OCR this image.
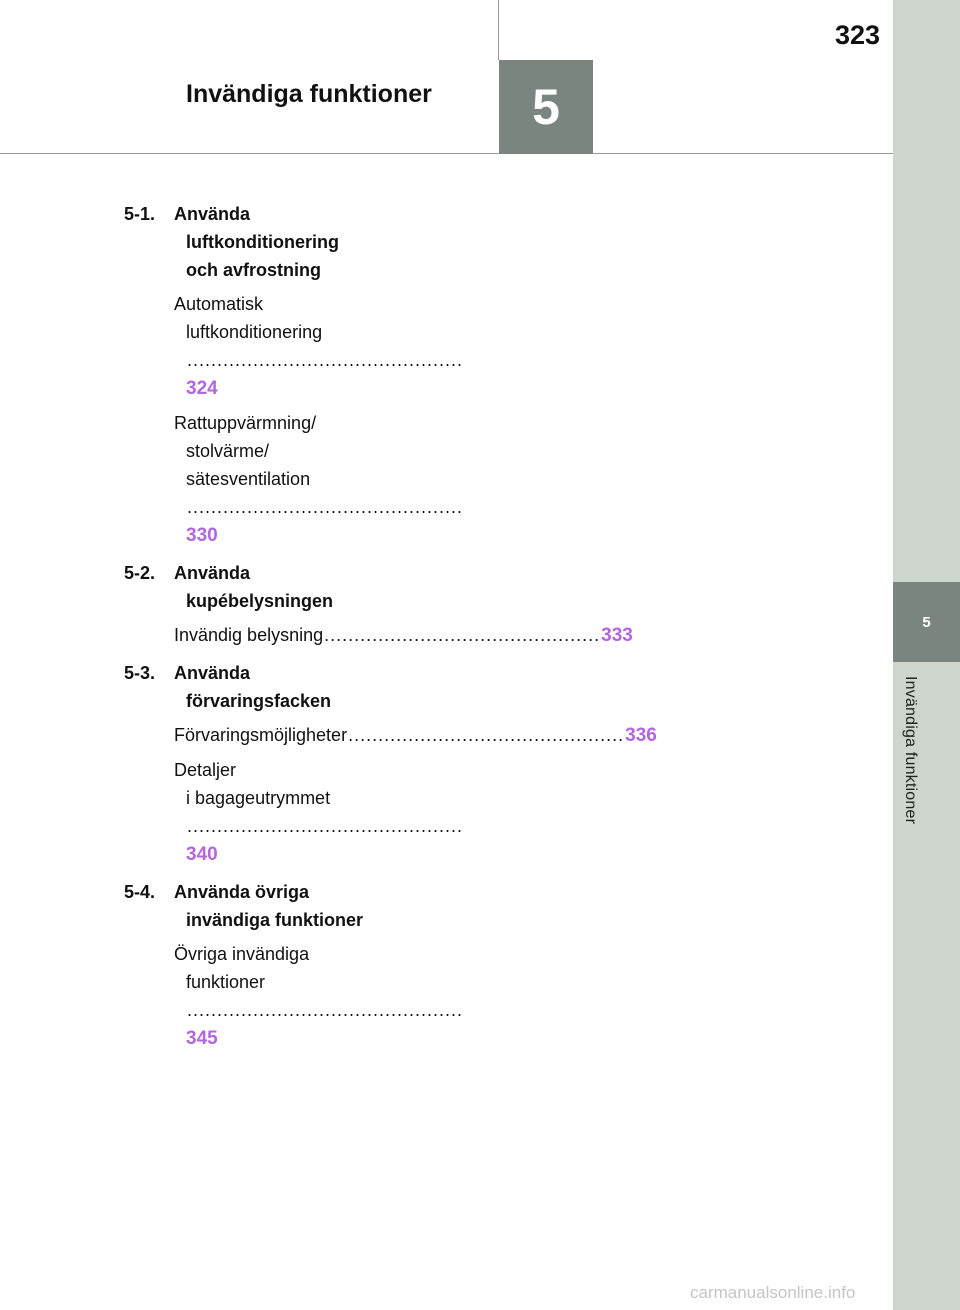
5
Invändiga funktioner
323
5
Invändiga funktioner
5-1. Använda
luftkonditionering
och avfrostning
Automatisk
luftkonditionering .............................................. 324
Rattuppvärmning/
stolvärme/
sätesventilation .............................................. 330
5-2. Använda
kupébelysningen
Invändig belysning .............................................. 333
5-3. Använda
förvaringsfacken
Förvaringsmöjligheter .............................................. 336
Detaljer
i bagageutrymmet .............................................. 340
5-4. Använda övriga
invändiga funktioner
Övriga invändiga
funktioner .............................................. 345
carmanualsonline.info
